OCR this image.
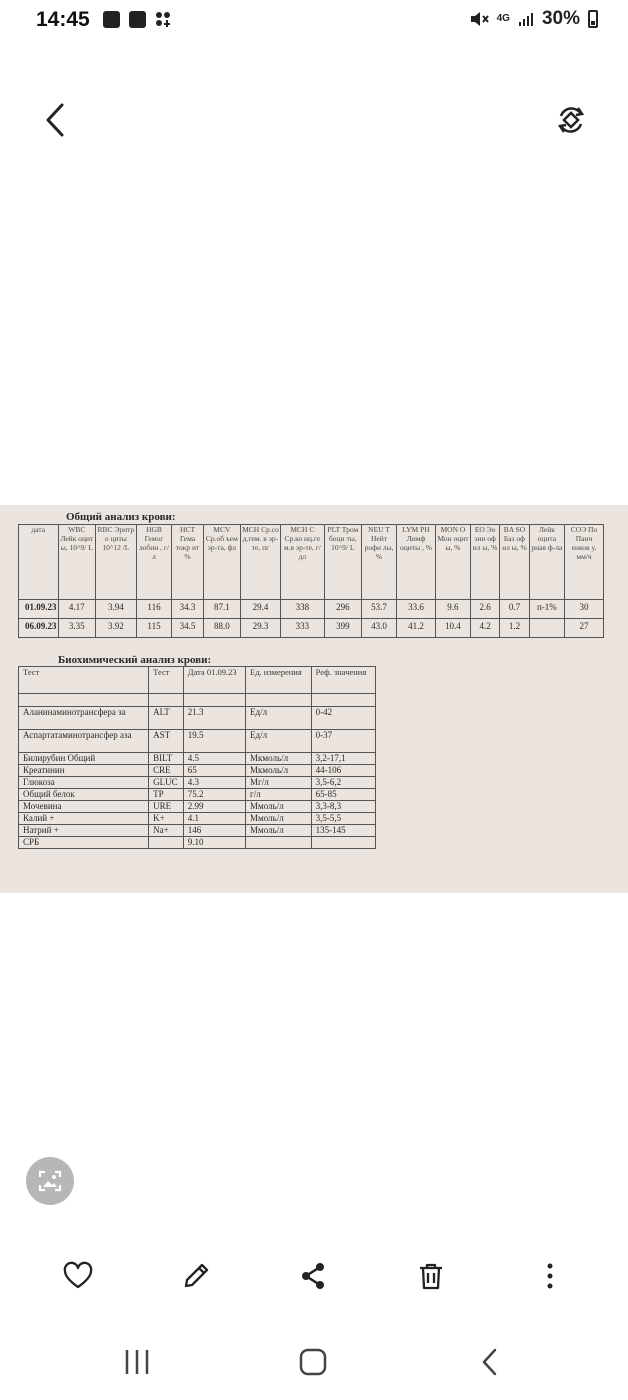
14:45	4G 30%
Общий анализ крови:
дата	WBC Лейк оцит ы, 10^9/ L	RBC Эритр о циты 10^12 /L	HGB Гемог лобин , г/л	HCT Гема токр ит %	MCV Ср.об ъем эр-та, фл	MCH Ср.со д.гем. в эр-те, пг	MCH C Ср.ко нц.ге м.в эр-те, г/дл	PLT Тром боци ты, 10^9/ L	NEU T Нейт рофи лы, %	LYM PH Лимф оциты , %	MON O Мон оцит ы, %	EO Эо зин оф ил ы, %	BA SO Баз оф ил ы, %	Лейк оцита рная ф-ла	СОЭ По Панч енков у, мм/ч
01.09.23	4.17	3.94	116	34.3	87.1	29.4	338	296	53.7	33.6	9.6	2.6	0.7	п-1%	30
06.09.23	3.35	3.92	115	34.5	88.0	29.3	333	399	43.0	41.2	10.4	4.2	1.2		27
Биохимический анализ крови:
Тест	Тест	Дата 01.09.23	Ед. измерения	Реф. значения

Аланинаминотрансфера за	ALT	21.3	Ед/л	0-42
Аспартатаминотрансфер аза	AST	19.5	Ед/л	0-37
Билирубин Общий	BILT	4.5	Мкмоль/л	3,2-17,1
Креатинин	CRE	65	Мкмоль/л	44-106
Глюкоза	GLUC	4.3	Мг/л	3,5-6,2
Общий белок	TP	75.2	г/л	65-85
Мочевина	URE	2.99	Ммоль/л	3,3-8,3
Калий +	K+	4.1	Ммоль/л	3,5-5,5
Натрий +	Na+	146	Ммоль/л	135-145
СРБ		9.10		
